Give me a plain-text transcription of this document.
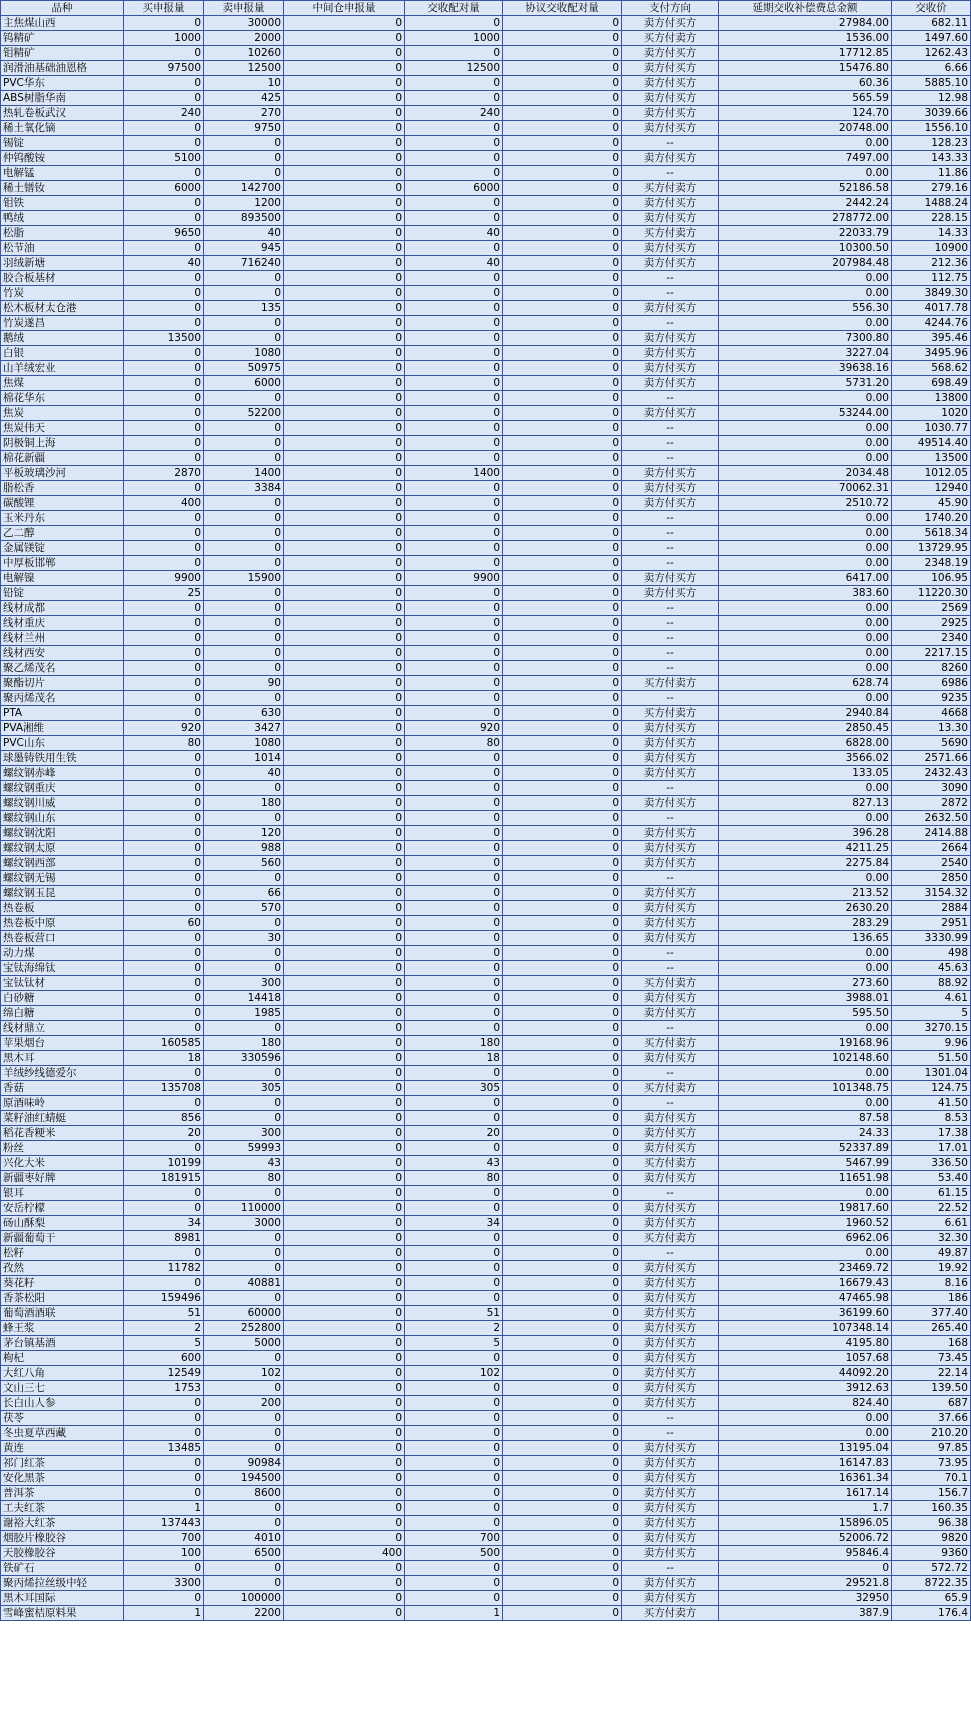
品种	买申报量	卖申报量	中间仓申报量	交收配对量	协议交收配对量	支付方向	延期交收补偿费总金额	交收价
主焦煤山西	0	30000	0	0	0	卖方付买方	27984.00	682.11
钨精矿	1000	2000	0	1000	0	买方付卖方	1536.00	1497.60
钼精矿	0	10260	0	0	0	卖方付买方	17712.85	1262.43
润滑油基础油恩格	97500	12500	0	12500	0	卖方付买方	15476.80	6.66
PVC华东	0	10	0	0	0	卖方付买方	60.36	5885.10
ABS树脂华南	0	425	0	0	0	卖方付买方	565.59	12.98
热轧卷板武汉	240	270	0	240	0	卖方付买方	124.70	3039.66
稀土氧化镝	0	9750	0	0	0	卖方付买方	20748.00	1556.10
锡锭	0	0	0	0	0	--	0.00	128.23
仲钨酸铵	5100	0	0	0	0	卖方付买方	7497.00	143.33
电解锰	0	0	0	0	0	--	0.00	11.86
稀土镨钕	6000	142700	0	6000	0	买方付卖方	52186.58	279.16
钼铁	0	1200	0	0	0	卖方付买方	2442.24	1488.24
鸭绒	0	893500	0	0	0	卖方付买方	278772.00	228.15
松脂	9650	40	0	40	0	买方付卖方	22033.79	14.33
松节油	0	945	0	0	0	卖方付买方	10300.50	10900
羽绒新塘	40	716240	0	40	0	卖方付买方	207984.48	212.36
胶合板基材	0	0	0	0	0	--	0.00	112.75
竹炭	0	0	0	0	0	--	0.00	3849.30
松木板材太仓港	0	135	0	0	0	卖方付买方	556.30	4017.78
竹炭遂昌	0	0	0	0	0	--	0.00	4244.76
鹅绒	13500	0	0	0	0	卖方付买方	7300.80	395.46
白银	0	1080	0	0	0	卖方付买方	3227.04	3495.96
山羊绒宏业	0	50975	0	0	0	卖方付买方	39638.16	568.62
焦煤	0	6000	0	0	0	卖方付买方	5731.20	698.49
棉花华东	0	0	0	0	0	--	0.00	13800
焦炭	0	52200	0	0	0	卖方付买方	53244.00	1020
焦炭伟天	0	0	0	0	0	--	0.00	1030.77
阴极铜上海	0	0	0	0	0	--	0.00	49514.40
棉花新疆	0	0	0	0	0	--	0.00	13500
平板玻璃沙河	2870	1400	0	1400	0	卖方付买方	2034.48	1012.05
脂松香	0	3384	0	0	0	卖方付买方	70062.31	12940
碳酸锂	400	0	0	0	0	卖方付买方	2510.72	45.90
玉米丹东	0	0	0	0	0	--	0.00	1740.20
乙二醇	0	0	0	0	0	--	0.00	5618.34
金属镁锭	0	0	0	0	0	--	0.00	13729.95
中厚板邯郸	0	0	0	0	0	--	0.00	2348.19
电解镍	9900	15900	0	9900	0	卖方付买方	6417.00	106.95
铅锭	25	0	0	0	0	卖方付买方	383.60	11220.30
线材成都	0	0	0	0	0	--	0.00	2569
线材重庆	0	0	0	0	0	--	0.00	2925
线材兰州	0	0	0	0	0	--	0.00	2340
线材西安	0	0	0	0	0	--	0.00	2217.15
聚乙烯茂名	0	0	0	0	0	--	0.00	8260
聚酯切片	0	90	0	0	0	买方付卖方	628.74	6986
聚丙烯茂名	0	0	0	0	0	--	0.00	9235
PTA	0	630	0	0	0	买方付卖方	2940.84	4668
PVA湘维	920	3427	0	920	0	卖方付买方	2850.45	13.30
PVC山东	80	1080	0	80	0	卖方付买方	6828.00	5690
球墨铸铁用生铁	0	1014	0	0	0	卖方付买方	3566.02	2571.66
螺纹钢赤峰	0	40	0	0	0	卖方付买方	133.05	2432.43
螺纹钢重庆	0	0	0	0	0	--	0.00	3090
螺纹钢川威	0	180	0	0	0	卖方付买方	827.13	2872
螺纹钢山东	0	0	0	0	0	--	0.00	2632.50
螺纹钢沈阳	0	120	0	0	0	卖方付买方	396.28	2414.88
螺纹钢太原	0	988	0	0	0	卖方付买方	4211.25	2664
螺纹钢西部	0	560	0	0	0	卖方付买方	2275.84	2540
螺纹钢无锡	0	0	0	0	0	--	0.00	2850
螺纹钢玉昆	0	66	0	0	0	卖方付买方	213.52	3154.32
热卷板	0	570	0	0	0	卖方付买方	2630.20	2884
热卷板中原	60	0	0	0	0	卖方付买方	283.29	2951
热卷板营口	0	30	0	0	0	卖方付买方	136.65	3330.99
动力煤	0	0	0	0	0	--	0.00	498
宝钛海绵钛	0	0	0	0	0	--	0.00	45.63
宝钛钛材	0	300	0	0	0	买方付卖方	273.60	88.92
白砂糖	0	14418	0	0	0	卖方付买方	3988.01	4.61
绵白糖	0	1985	0	0	0	卖方付买方	595.50	5
线材鼎立	0	0	0	0	0	--	0.00	3270.15
苹果烟台	160585	180	0	180	0	买方付卖方	19168.96	9.96
黑木耳	18	330596	0	18	0	卖方付买方	102148.60	51.50
羊绒纱线德爱尔	0	0	0	0	0	--	0.00	1301.04
香菇	135708	305	0	305	0	买方付卖方	101348.75	124.75
原酒味岭	0	0	0	0	0	--	0.00	41.50
菜籽油红蜻蜓	856	0	0	0	0	卖方付买方	87.58	8.53
稻花香粳米	20	300	0	20	0	卖方付买方	24.33	17.38
粉丝	0	59993	0	0	0	卖方付买方	52337.89	17.01
兴化大米	10199	43	0	43	0	买方付卖方	5467.99	336.50
新疆枣好牌	181915	80	0	80	0	卖方付买方	11651.98	53.40
银耳	0	0	0	0	0	--	0.00	61.15
安岳柠檬	0	110000	0	0	0	卖方付买方	19817.60	22.52
砀山酥梨	34	3000	0	34	0	卖方付买方	1960.52	6.61
新疆葡萄干	8981	0	0	0	0	买方付卖方	6962.06	32.30
松籽	0	0	0	0	0	--	0.00	49.87
孜然	11782	0	0	0	0	卖方付买方	23469.72	19.92
葵花籽	0	40881	0	0	0	卖方付买方	16679.43	8.16
香茶松阳	159496	0	0	0	0	卖方付买方	47465.98	186
葡萄酒酒联	51	60000	0	51	0	卖方付买方	36199.60	377.40
蜂王浆	2	252800	0	2	0	卖方付买方	107348.14	265.40
茅台镇基酒	5	5000	0	5	0	卖方付买方	4195.80	168
枸杞	600	0	0	0	0	卖方付买方	1057.68	73.45
大红八角	12549	102	0	102	0	卖方付买方	44092.20	22.14
文山三七	1753	0	0	0	0	卖方付买方	3912.63	139.50
长白山人参	0	200	0	0	0	卖方付买方	824.40	687
茯苓	0	0	0	0	0	--	0.00	37.66
冬虫夏草西藏	0	0	0	0	0	--	0.00	210.20
黄连	13485	0	0	0	0	卖方付买方	13195.04	97.85
祁门红茶	0	90984	0	0	0	卖方付买方	16147.83	73.95
安化黑茶	0	194500	0	0	0	卖方付买方	16361.34	70.1
普洱茶	0	8600	0	0	0	卖方付买方	1617.14	156.7
工夫红茶	1	0	0	0	0	卖方付买方	1.7	160.35
谢裕大红茶	137443	0	0	0	0	卖方付买方	15896.05	96.38
烟胶片橡胶谷	700	4010	0	700	0	卖方付买方	52006.72	9820
天胶橡胶谷	100	6500	400	500	0	卖方付买方	95846.4	9360
铁矿石	0	0	0	0	0	--	0	572.72
聚丙烯拉丝级中轻	3300	0	0	0	0	卖方付买方	29521.8	8722.35
黑木耳国际	0	100000	0	0	0	卖方付买方	32950	65.9
雪峰蜜桔原料果	1	2200	0	1	0	买方付卖方	387.9	176.4
